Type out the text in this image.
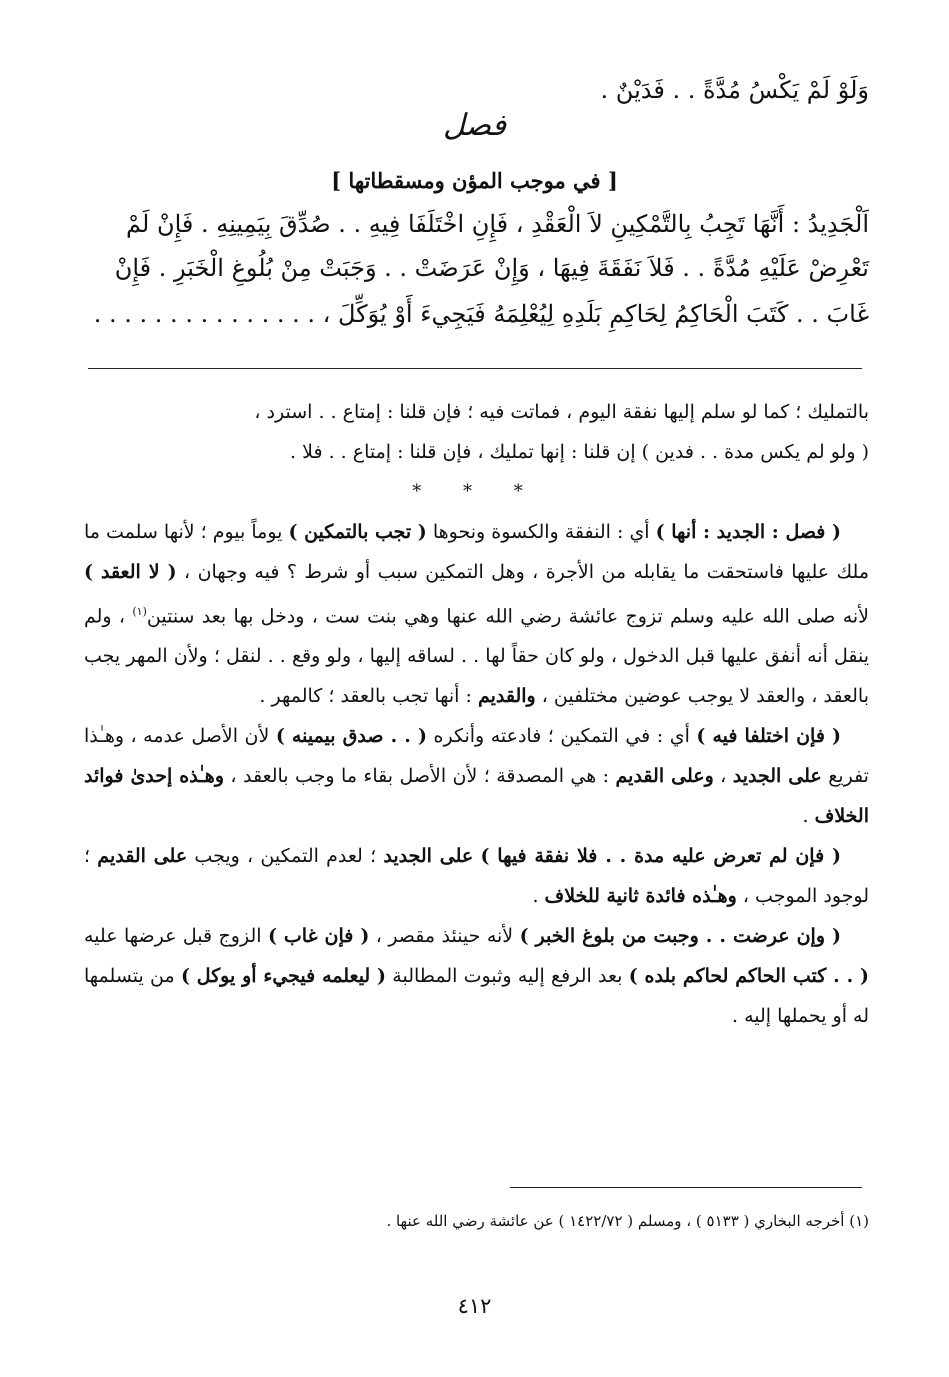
وَلَوْ لَمْ يَكْسُ مُدَّةً . . فَدَيْنٌ .
فصل
[ في موجب المؤن ومسقطاتها ]
اَلْجَدِيدُ : أَنَّهَا تَجِبُ بِالتَّمْكِينِ لاَ الْعَقْدِ ، فَإِنِ اخْتَلَفَا فِيهِ . . صُدِّقَ بِيَمِينِهِ . فَإِنْ لَمْ
تَعْرِضْ عَلَيْهِ مُدَّةً . . فَلاَ نَفَقَةَ فِيهَا ، وَإِنْ عَرَضَتْ . . وَجَبَتْ مِنْ بُلُوغِ الْخَبَرِ . فَإِنْ
غَابَ . . كَتَبَ الْحَاكِمُ لِحَاكِمِ بَلَدِهِ لِيُعْلِمَهُ فَيَجِيءَ أَوْ يُوَكِّلَ ، . . . . . . . . . . . . . . .

بالتمليك ؛ كما لو سلم إليها نفقة اليوم ، فماتت فيه ؛ فإن قلنا : إمتاع . . استرد ،

( ولو لم يكس مدة . . فدين ) إن قلنا : إنها تمليك ، فإن قلنا : إمتاع . . فلا .

* * *

( فصل : الجديد : أنها ) أي : النفقة والكسوة ونحوها ( تجب بالتمكين ) يوماً بيوم ؛ لأنها سلمت ما ملك عليها فاستحقت ما يقابله من الأجرة ، وهل التمكين سبب أو شرط ؟ فيه وجهان ، ( لا العقد ) لأنه صلى الله عليه وسلم تزوج عائشة رضي الله عنها وهي بنت ست ، ودخل بها بعد سنتين$^{(١)}$ ، ولم ينقل أنه أنفق عليها قبل الدخول ، ولو كان حقاً لها . . لساقه إليها ، ولو وقع . . لنقل ؛ ولأن المهر يجب بالعقد ، والعقد لا يوجب عوضين مختلفين ، والقديم : أنها تجب بالعقد ؛ كالمهر .

( فإن اختلفا فيه ) أي : في التمكين ؛ فادعته وأنكره ( . . صدق بيمينه ) لأن الأصل عدمه ، وهـٰذا تفريع على الجديد ، وعلى القديم : هي المصدقة ؛ لأن الأصل بقاء ما وجب بالعقد ، وهـٰذه إحدىٰ فوائد الخلاف .

( فإن لم تعرض عليه مدة . . فلا نفقة فيها ) على الجديد ؛ لعدم التمكين ، ويجب على القديم ؛ لوجود الموجب ، وهـٰذه فائدة ثانية للخلاف .

( وإن عرضت . . وجبت من بلوغ الخبر ) لأنه حينئذ مقصر ، ( فإن غاب ) الزوج قبل عرضها عليه ( . . كتب الحاكم لحاكم بلده ) بعد الرفع إليه وثبوت المطالبة ( ليعلمه فيجيء أو يوكل ) من يتسلمها له أو يحملها إليه .

(١) أخرجه البخاري ( ٥١٣٣ ) ، ومسلم ( ١٤٢٢/٧٢ ) عن عائشة رضي الله عنها .
٤١٢
